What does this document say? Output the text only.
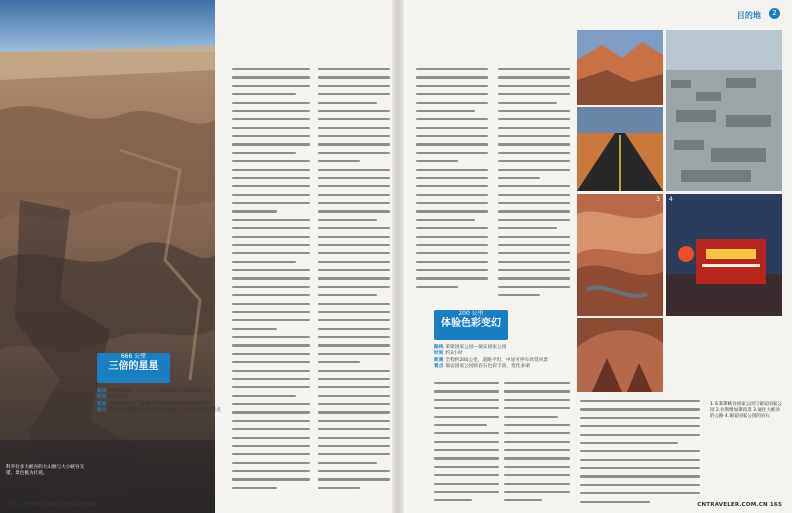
科罗拉多大峡谷的大山脉与大小峡谷交错，景色极为壮观。
666 公里
三倍的星星
路线 拉斯维加斯—圣乔治—布莱斯峡谷—莱斯国家公园
时间 约10小时
距离 全程666公里，路线上必经国道89号和州道12号
看点 在阿斯沃提国家公园可以欣赏峡谷，有许多可看的景点
164 CONDE NAST TRAVELER
目的地 2

200 公里
体验色彩变幻
路线 莱斯国家公园—锡安国家公园
时间 约3小时
距离 全程约200公里，道路平坦，中途可停车欣赏风景
看点 锡安国家公园的岩石色彩丰富，变化多端
3 4
1.布莱斯峡谷国家公园与锡安国家公园 2.拉斯维加斯夜景 3.通往大峡谷的公路 4.锡安国家公园的岩石
CNTRAVELER.COM.CN 165
